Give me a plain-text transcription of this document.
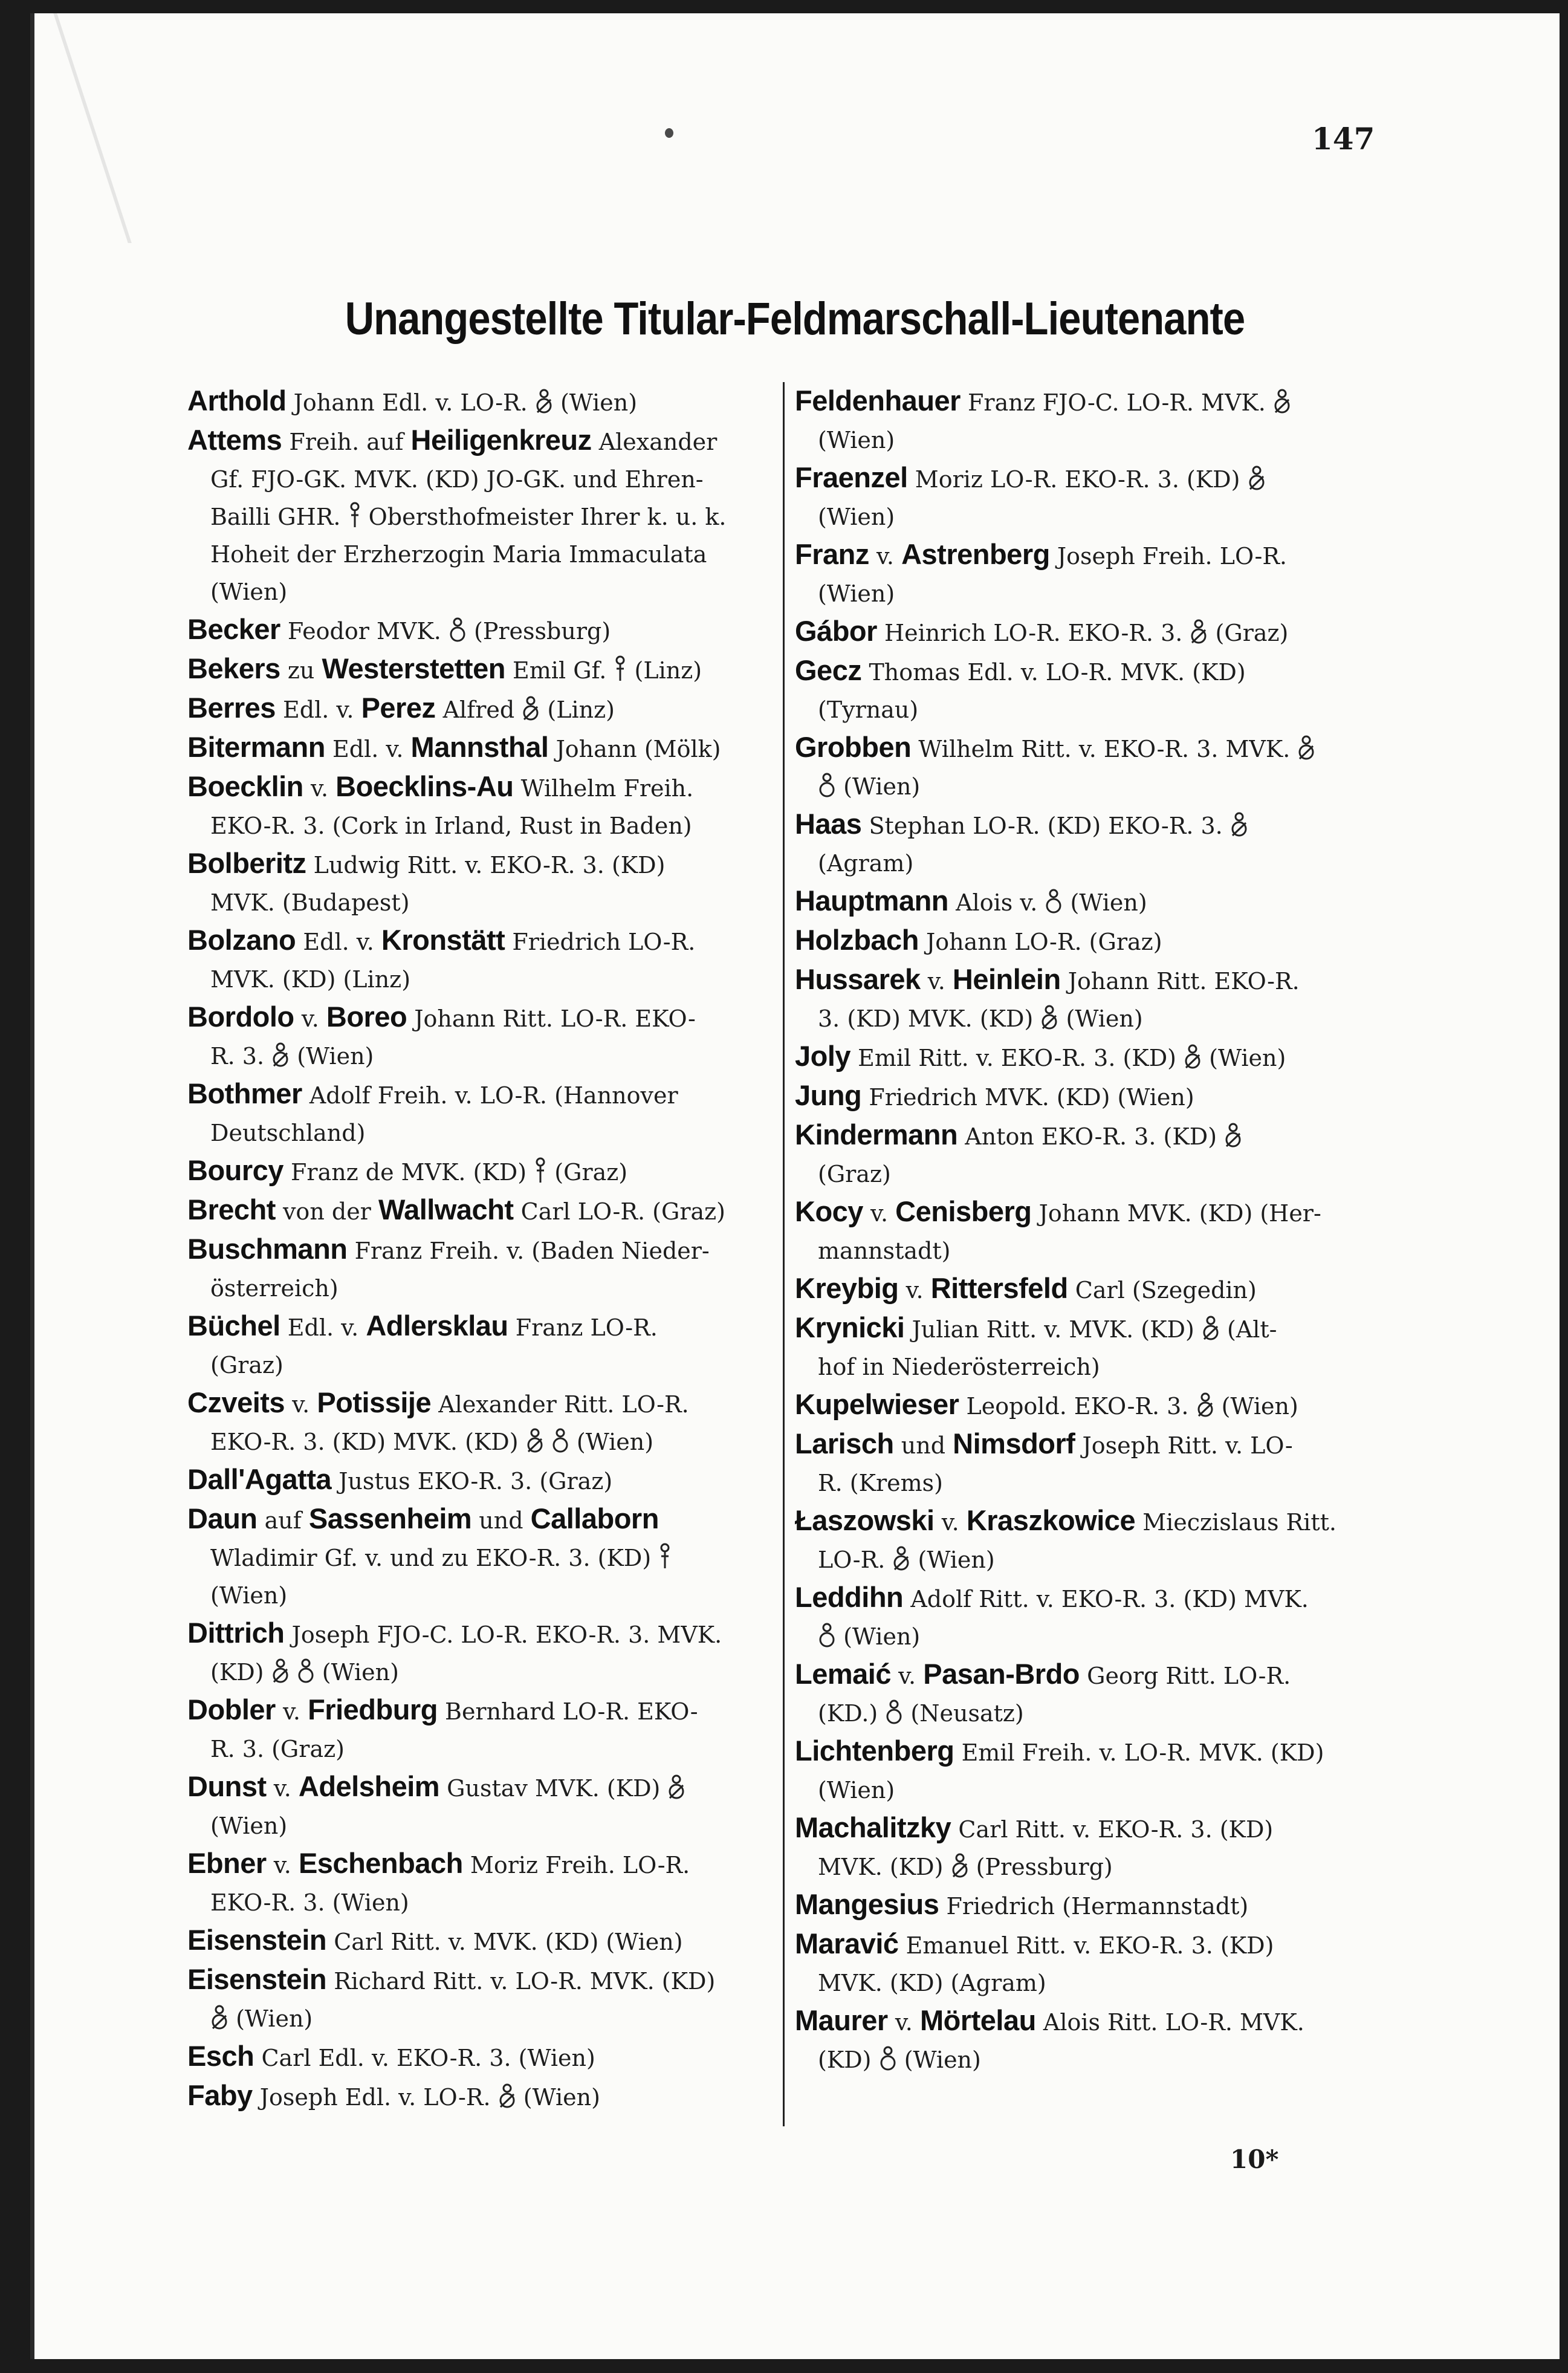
147
Unangestellte Titular-Feldmarschall-Lieutenante
Arthold Johann Edl. v. LO-R. (Wien)
Attems Freih. auf Heiligenkreuz Alexander
Gf. FJO-GK. MVK. (KD) JO-GK. und Ehren-
Bailli GHR. Obersthofmeister Ihrer k. u. k.
Hoheit der Erzherzogin Maria Immaculata
(Wien)
Becker Feodor MVK. (Pressburg)
Bekers zu Westerstetten Emil Gf. (Linz)
Berres Edl. v. Perez Alfred (Linz)
Bitermann Edl. v. Mannsthal Johann (Mölk)
Boecklin v. Boecklins-Au Wilhelm Freih.
EKO-R. 3. (Cork in Irland, Rust in Baden)
Bolberitz Ludwig Ritt. v. EKO-R. 3. (KD)
MVK. (Budapest)
Bolzano Edl. v. Kronstätt Friedrich LO-R.
MVK. (KD) (Linz)
Bordolo v. Boreo Johann Ritt. LO-R. EKO-
R. 3. (Wien)
Bothmer Adolf Freih. v. LO-R. (Hannover
Deutschland)
Bourcy Franz de MVK. (KD) (Graz)
Brecht von der Wallwacht Carl LO-R. (Graz)
Buschmann Franz Freih. v. (Baden Nieder-
österreich)
Büchel Edl. v. Adlersklau Franz LO-R.
(Graz)
Czveits v. Potissije Alexander Ritt. LO-R.
EKO-R. 3. (KD) MVK. (KD)	(Wien)
Dall'Agatta Justus EKO-R. 3. (Graz)
Daun auf Sassenheim und Callaborn
Wladimir Gf. v. und zu EKO-R. 3. (KD)
(Wien)
Dittrich Joseph FJO-C. LO-R. EKO-R. 3. MVK.
(KD)	(Wien)
Dobler v. Friedburg Bernhard LO-R. EKO-
R. 3. (Graz)
Dunst v. Adelsheim Gustav MVK. (KD)
(Wien)
Ebner v. Eschenbach Moriz Freih. LO-R.
EKO-R. 3. (Wien)
Eisenstein Carl Ritt. v. MVK. (KD) (Wien)
Eisenstein Richard Ritt. v. LO-R. MVK. (KD)
(Wien)
Esch Carl Edl. v. EKO-R. 3. (Wien)
Faby Joseph Edl. v. LO-R. (Wien)
Feldenhauer Franz FJO-C. LO-R. MVK.
(Wien)
Fraenzel Moriz LO-R. EKO-R. 3. (KD)
(Wien)
Franz v. Astrenberg Joseph Freih. LO-R.
(Wien)
Gábor Heinrich LO-R. EKO-R. 3. (Graz)
Gecz Thomas Edl. v. LO-R. MVK. (KD)
(Tyrnau)
Grobben Wilhelm Ritt. v. EKO-R. 3. MVK.
(Wien)
Haas Stephan LO-R. (KD) EKO-R. 3.
(Agram)
Hauptmann Alois v. (Wien)
Holzbach Johann LO-R. (Graz)
Hussarek v. Heinlein Johann Ritt. EKO-R.
3. (KD) MVK. (KD) (Wien)
Joly Emil Ritt. v. EKO-R. 3. (KD) (Wien)
Jung Friedrich MVK. (KD) (Wien)
Kindermann Anton EKO-R. 3. (KD)
(Graz)
Kocy v. Cenisberg Johann MVK. (KD) (Her-
mannstadt)
Kreybig v. Rittersfeld Carl (Szegedin)
Krynicki Julian Ritt. v. MVK. (KD) (Alt-
hof in Niederösterreich)
Kupelwieser Leopold. EKO-R. 3. (Wien)
Larisch und Nimsdorf Joseph Ritt. v. LO-
R. (Krems)
Łaszowski v. Kraszkowice Mieczislaus Ritt.
LO-R. (Wien)
Leddihn Adolf Ritt. v. EKO-R. 3. (KD) MVK.
(Wien)
Lemaić v. Pasan-Brdo Georg Ritt. LO-R.
(KD.) (Neusatz)
Lichtenberg Emil Freih. v. LO-R. MVK. (KD)
(Wien)
Machalitzky Carl Ritt. v. EKO-R. 3. (KD)
MVK. (KD) (Pressburg)
Mangesius Friedrich (Hermannstadt)
Maravić Emanuel Ritt. v. EKO-R. 3. (KD)
MVK. (KD) (Agram)
Maurer v. Mörtelau Alois Ritt. LO-R. MVK.
(KD) (Wien)
10*
